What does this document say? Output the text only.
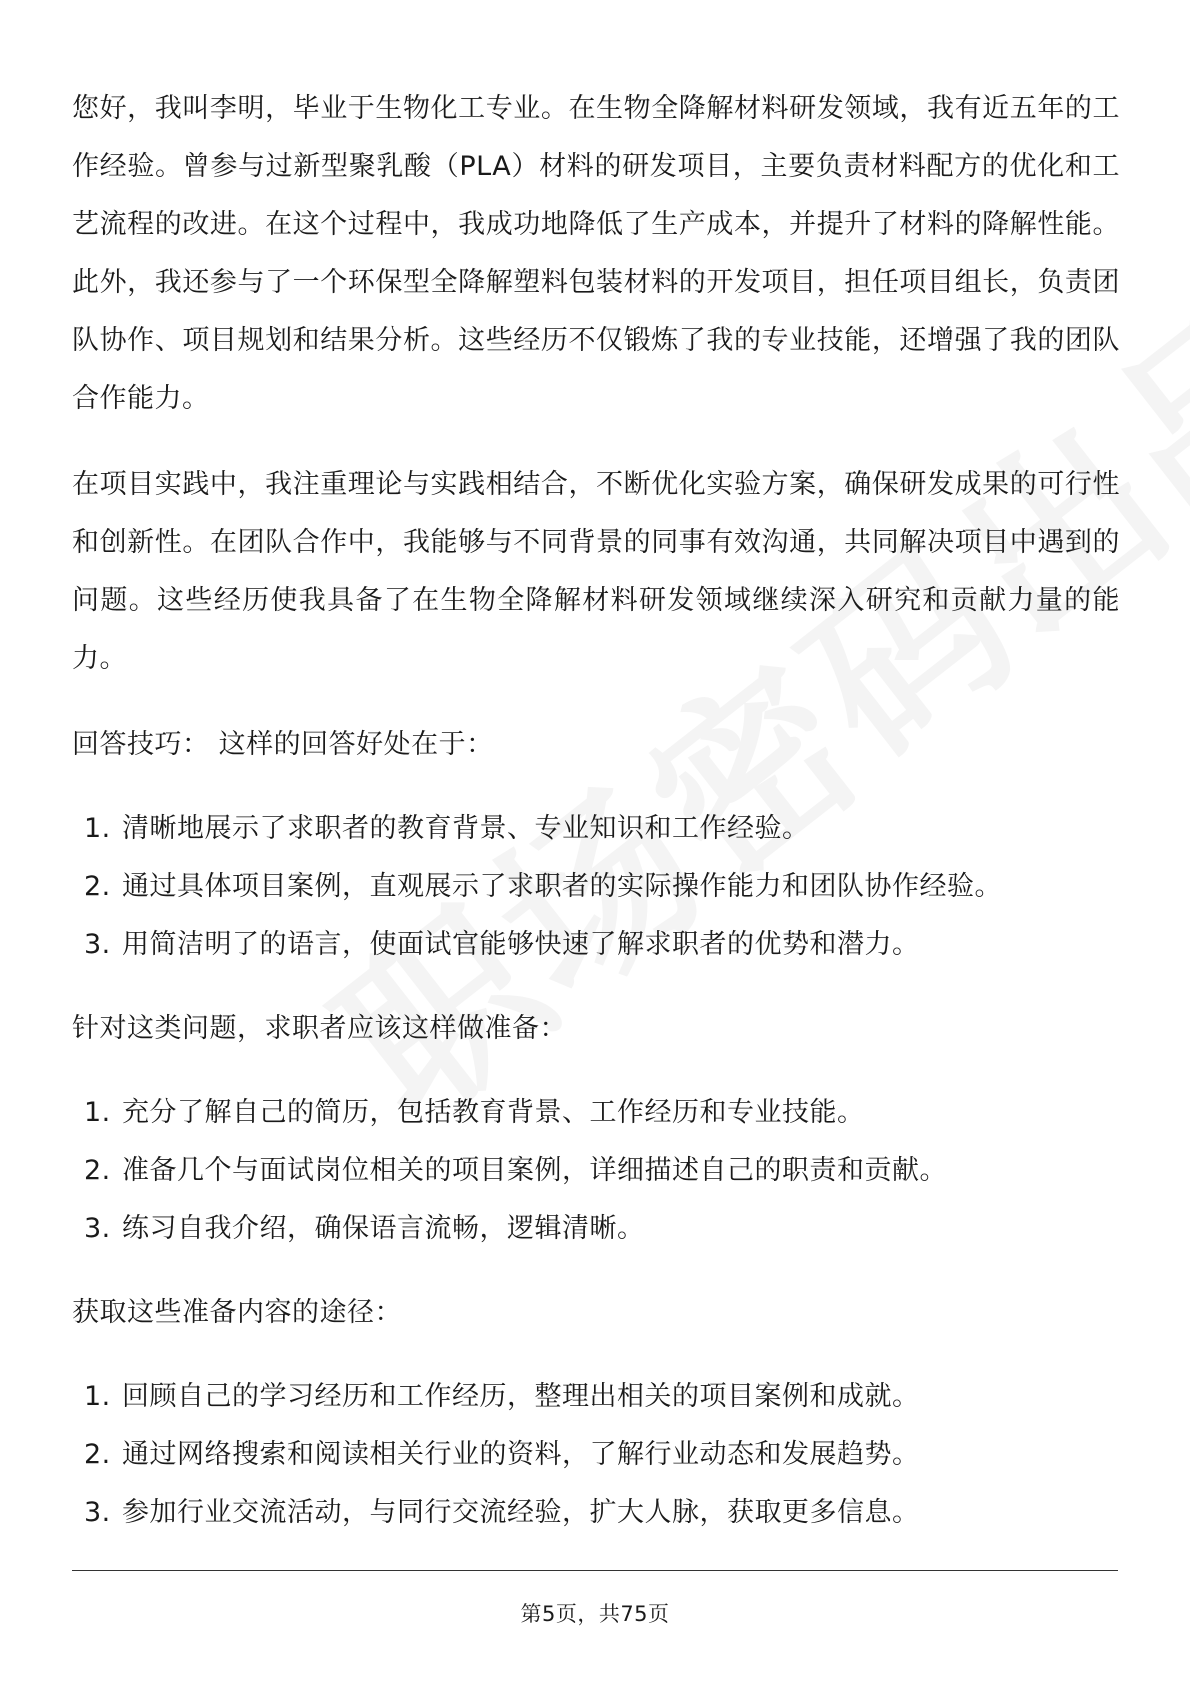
您好，我叫李明，毕业于生物化工专业。在生物全降解材料研发领域，我有近五年的工作经验。曾参与过新型聚乳酸（PLA）材料的研发项目，主要负责材料配方的优化和工艺流程的改进。在这个过程中，我成功地降低了生产成本，并提升了材料的降解性能。此外，我还参与了一个环保型全降解塑料包装材料的开发项目，担任项目组长，负责团队协作、项目规划和结果分析。这些经历不仅锻炼了我的专业技能，还增强了我的团队合作能力。

在项目实践中，我注重理论与实践相结合，不断优化实验方案，确保研发成果的可行性和创新性。在团队合作中，我能够与不同背景的同事有效沟通，共同解决项目中遇到的问题。这些经历使我具备了在生物全降解材料研发领域继续深入研究和贡献力量的能力。

回答技巧： 这样的回答好处在于：
1. 清晰地展示了求职者的教育背景、专业知识和工作经验。
2. 通过具体项目案例，直观展示了求职者的实际操作能力和团队协作经验。
3. 用简洁明了的语言，使面试官能够快速了解求职者的优势和潜力。
针对这类问题，求职者应该这样做准备：
1. 充分了解自己的简历，包括教育背景、工作经历和专业技能。
2. 准备几个与面试岗位相关的项目案例，详细描述自己的职责和贡献。
3. 练习自我介绍，确保语言流畅，逻辑清晰。
获取这些准备内容的途径：
1. 回顾自己的学习经历和工作经历，整理出相关的项目案例和成就。
2. 通过网络搜索和阅读相关行业的资料，了解行业动态和发展趋势。
3. 参加行业交流活动，与同行交流经验，扩大人脉，获取更多信息。
第5页，共75页
